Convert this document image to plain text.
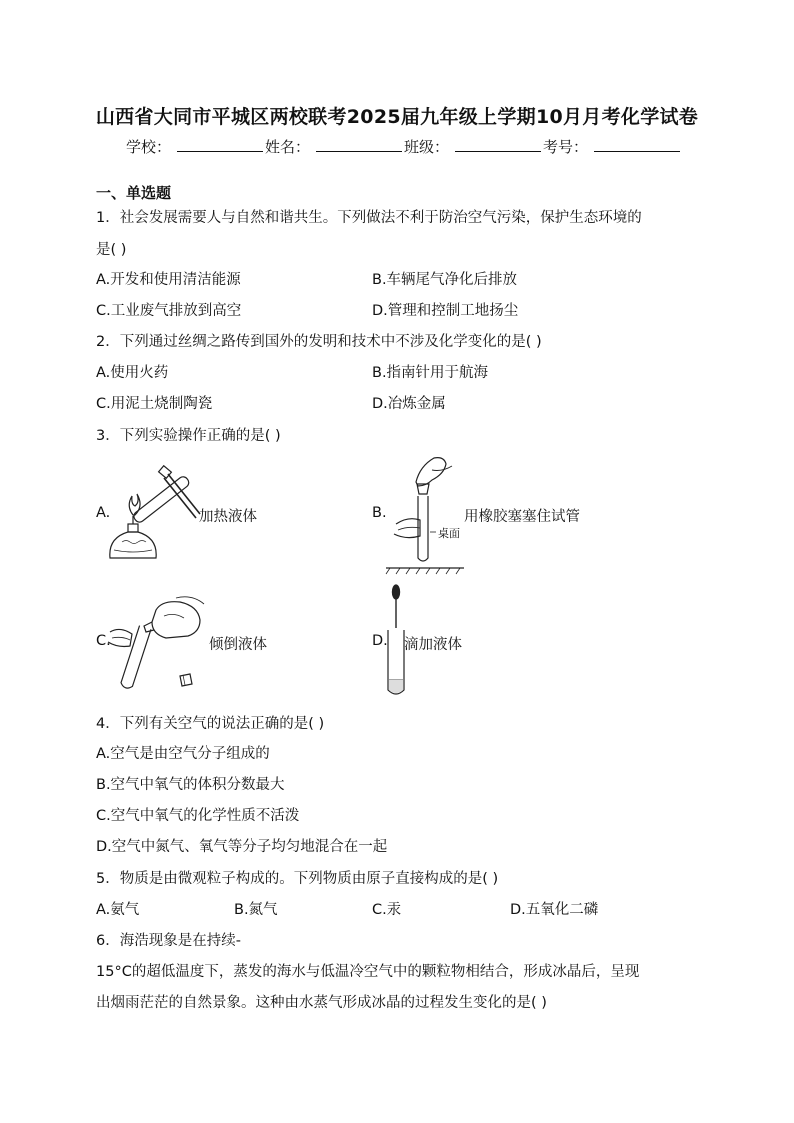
山西省大同市平城区两校联考2025届九年级上学期10月月考化学试卷
学校：	姓名：	班级：	考号：
一、单选题
1．社会发展需要人与自然和谐共生。下列做法不利于防治空气污染，保护生态环境的
是( )
A.开发和使用清洁能源	B.车辆尾气净化后排放
C.工业废气排放到高空	D.管理和控制工地扬尘
2．下列通过丝绸之路传到国外的发明和技术中不涉及化学变化的是( )
A.使用火药	B.指南针用于航海
C.用泥土烧制陶瓷	D.冶炼金属
3．下列实验操作正确的是( )
A.	加热液体	B.
桌面
用橡胶塞塞住试管
C.	倾倒液体	D. 滴加液体
4．下列有关空气的说法正确的是( )
A.空气是由空气分子组成的
B.空气中氧气的体积分数最大
C.空气中氧气的化学性质不活泼
D.空气中氮气、氧气等分子均匀地混合在一起
5．物质是由微观粒子构成的。下列物质由原子直接构成的是( )
A.氨气	B.氮气	C.汞	D.五氧化二磷
6．海浩现象是在持续-
15°C的超低温度下，蒸发的海水与低温冷空气中的颗粒物相结合，形成冰晶后，呈现
出烟雨茫茫的自然景象。这种由水蒸气形成冰晶的过程发生变化的是( )
